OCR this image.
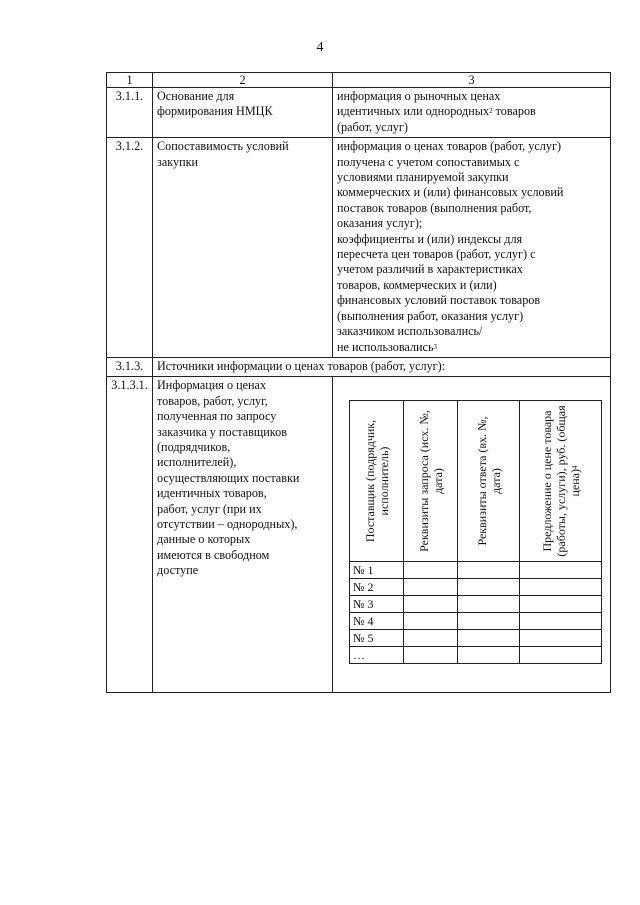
4
1	2	3
3.1.1.	Основание для
формирования НМЦК

информация о рыночных ценах
идентичных или однородных$^2$ товаров
(работ, услуг)

3.1.2.	Сопоставимость условий
закупки

информация о ценах товаров (работ, услуг)
получена с учетом сопоставимых с
условиями планируемой закупки
коммерческих и (или) финансовых условий
поставок товаров (выполнения работ,
оказания услуг);
коэффициенты и (или) индексы для
пересчета цен товаров (работ, услуг) с
учетом различий в характеристиках
товаров, коммерческих и (или)
финансовых условий поставок товаров
(выполнения работ, оказания услуг)
заказчиком использовались/
не использовались$^3$

3.1.3.	Источники информации о ценах товаров (работ, услуг):
3.1.3.1.	Информация о ценах
товаров, работ, услуг,
полученная по запросу
заказчика у поставщиков
(подрядчиков,
исполнителей),
осуществляющих поставки
идентичных товаров,
работ, услуг (при их
отсутствии – однородных),
данные о которых
имеются в свободном
доступе

Поставщик (подрядчик, исполнитель)	Реквизиты запроса (исх. №, дата)	Реквизиты ответа (вх. №, дата)	Предложение о цене товара (работы, услуги), руб. (общая цена)$^4$

№ 1			
№ 2			
№ 3			
№ 4			
№ 5			
…			
